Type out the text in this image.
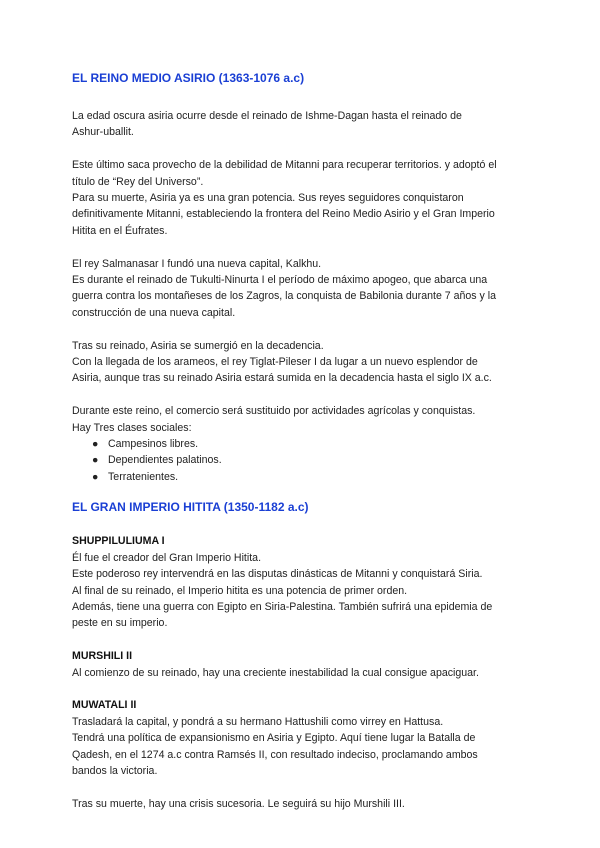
EL REINO MEDIO ASIRIO (1363-1076 a.c)

La edad oscura asiria ocurre desde el reinado de Ishme-Dagan hasta el reinado de

Ashur-uballit.

Este último saca provecho de la debilidad de Mitanni para recuperar territorios. y adoptó el

título de “Rey del Universo”.

Para su muerte, Asiria ya es una gran potencia. Sus reyes seguidores conquistaron

definitivamente Mitanni, estableciendo la frontera del Reino Medio Asirio y el Gran Imperio

Hitita en el Éufrates.

El rey Salmanasar I fundó una nueva capital, Kalkhu.

Es durante el reinado de Tukulti-Ninurta I el período de máximo apogeo, que abarca una

guerra contra los montañeses de los Zagros, la conquista de Babilonia durante 7 años y la

construcción de una nueva capital.

Tras su reinado, Asiria se sumergió en la decadencia.

Con la llegada de los arameos, el rey Tiglat-Pileser I da lugar a un nuevo esplendor de

Asiria, aunque tras su reinado Asiria estará sumida en la decadencia hasta el siglo IX a.c.

Durante este reino, el comercio será sustituido por actividades agrícolas y conquistas.

Hay Tres clases sociales:

● Campesinos libres.
● Dependientes palatinos.
● Terratenientes.
EL GRAN IMPERIO HITITA (1350-1182 a.c)

SHUPPILULIUMA I

Él fue el creador del Gran Imperio Hitita.

Este poderoso rey intervendrá en las disputas dinásticas de Mitanni y conquistará Siria.

Al final de su reinado, el Imperio hitita es una potencia de primer orden.

Además, tiene una guerra con Egipto en Siria-Palestina. También sufrirá una epidemia de

peste en su imperio.

MURSHILI II

Al comienzo de su reinado, hay una creciente inestabilidad la cual consigue apaciguar.

MUWATALI II

Trasladará la capital, y pondrá a su hermano Hattushili como virrey en Hattusa.

Tendrá una política de expansionismo en Asiria y Egipto. Aquí tiene lugar la Batalla de

Qadesh, en el 1274 a.c contra Ramsés II, con resultado indeciso, proclamando ambos

bandos la victoria.

Tras su muerte, hay una crisis sucesoria. Le seguirá su hijo Murshili III.
